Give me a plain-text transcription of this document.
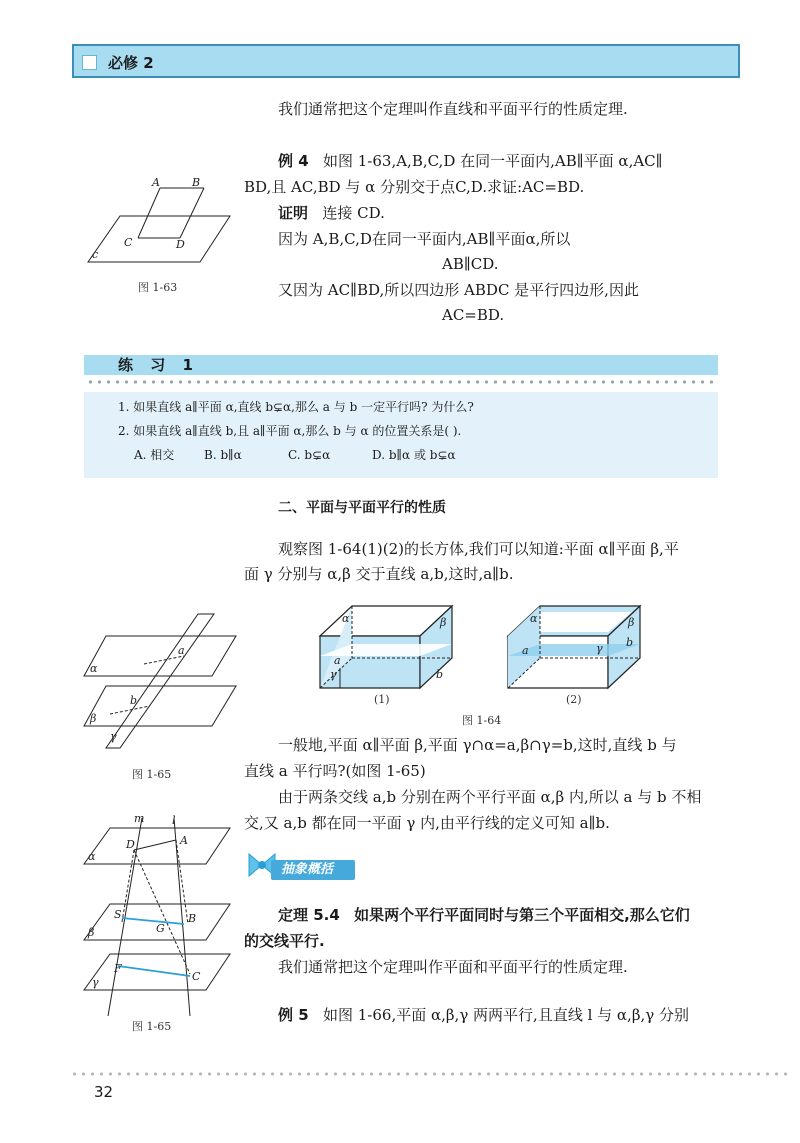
必修 2
我们通常把这个定理叫作直线和平面平行的性质定理.
例 4 如图 1-63,A,B,C,D 在同一平面内,AB∥平面 α,AC∥
BD,且 AC,BD 与 α 分别交于点C,D.求证:AC=BD.
证明 连接 CD.
因为 A,B,C,D在同一平面内,AB∥平面α,所以
AB∥CD.
又因为 AC∥BD,所以四边形 ABDC 是平行四边形,因此
AC=BD.
A	B
C	D
c
图 1-63
练 习 1
1. 如果直线 a∥平面 α,直线 b⊊α,那么 a 与 b 一定平行吗? 为什么?
2. 如果直线 a∥直线 b,且 a∥平面 α,那么 b 与 α 的位置关系是( ).
A. 相交 B. b∥α	C. b⊊α	D. b∥α 或 b⊊α
二、平面与平面平行的性质
观察图 1-64(1)(2)的长方体,我们可以知道:平面 α∥平面 β,平
面 γ 分别与 α,β 交于直线 a,b,这时,a∥b.
α	β
a
γ	b
(1)
α	β
a	γ b
(2)
图 1-64
α
β
a
b
γ
图 1-65
一般地,平面 α∥平面 β,平面 γ∩α=a,β∩γ=b,这时,直线 b 与
直线 a 平行吗?(如图 1-65)
由于两条交线 a,b 分别在两个平行平面 α,β 内,所以 a 与 b 不相
交,又 a,b 都在同一平面 γ 内,由平行线的定义可知 a∥b.
抽象概括
m	l
D	A
α
S
G
B
β
F
C
γ
图 1-65
定理 5.4 如果两个平行平面同时与第三个平面相交,那么它们
的交线平行.
我们通常把这个定理叫作平面和平面平行的性质定理.
例 5 如图 1-66,平面 α,β,γ 两两平行,且直线 l 与 α,β,γ 分别
32
